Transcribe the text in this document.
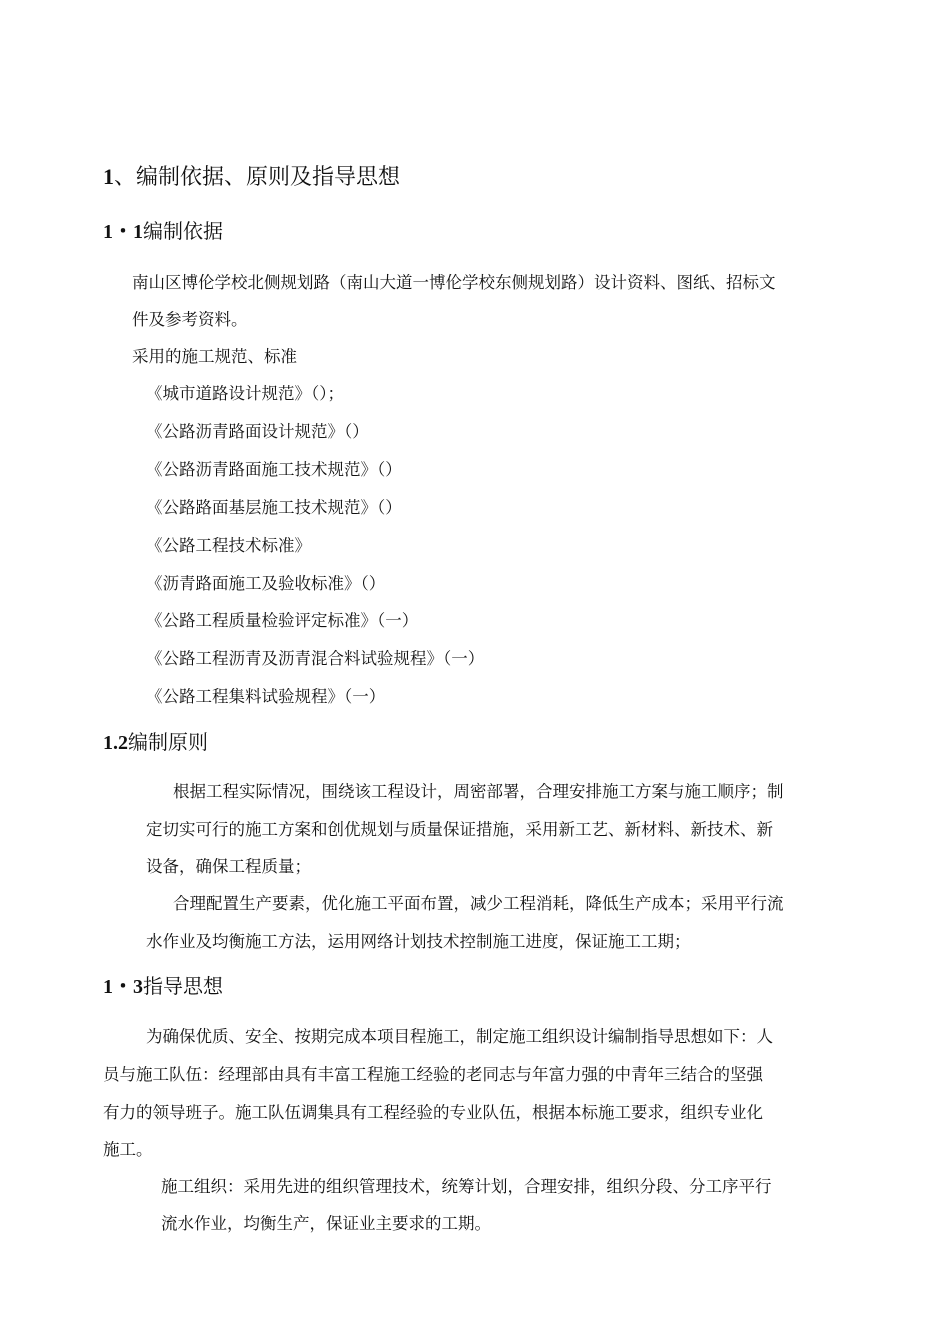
1、编制依据、原则及指导思想
1・1编制依据

南山区博伦学校北侧规划路（南山大道一博伦学校东侧规划路）设计资料、图纸、招标文

件及参考资料。

采用的施工规范、标准

《城市道路设计规范》（）；

《公路沥青路面设计规范》（）

《公路沥青路面施工技术规范》（）

《公路路面基层施工技术规范》（）

《公路工程技术标准》

《沥青路面施工及验收标准》（）

《公路工程质量检验评定标准》（一）

《公路工程沥青及沥青混合料试验规程》（一）

《公路工程集料试验规程》（一）

1.2编制原则

根据工程实际情况，围绕该工程设计，周密部署，合理安排施工方案与施工顺序；制

定切实可行的施工方案和创优规划与质量保证措施，采用新工艺、新材料、新技术、新

设备，确保工程质量；

合理配置生产要素，优化施工平面布置，减少工程消耗，降低生产成本；采用平行流

水作业及均衡施工方法，运用网络计划技术控制施工进度，保证施工工期；

1・3指导思想

为确保优质、安全、按期完成本项目程施工，制定施工组织设计编制指导思想如下：人

员与施工队伍：经理部由具有丰富工程施工经验的老同志与年富力强的中青年三结合的坚强

有力的领导班子。施工队伍调集具有工程经验的专业队伍，根据本标施工要求，组织专业化

施工。

施工组织：采用先进的组织管理技术，统筹计划，合理安排，组织分段、分工序平行

流水作业，均衡生产，保证业主要求的工期。
